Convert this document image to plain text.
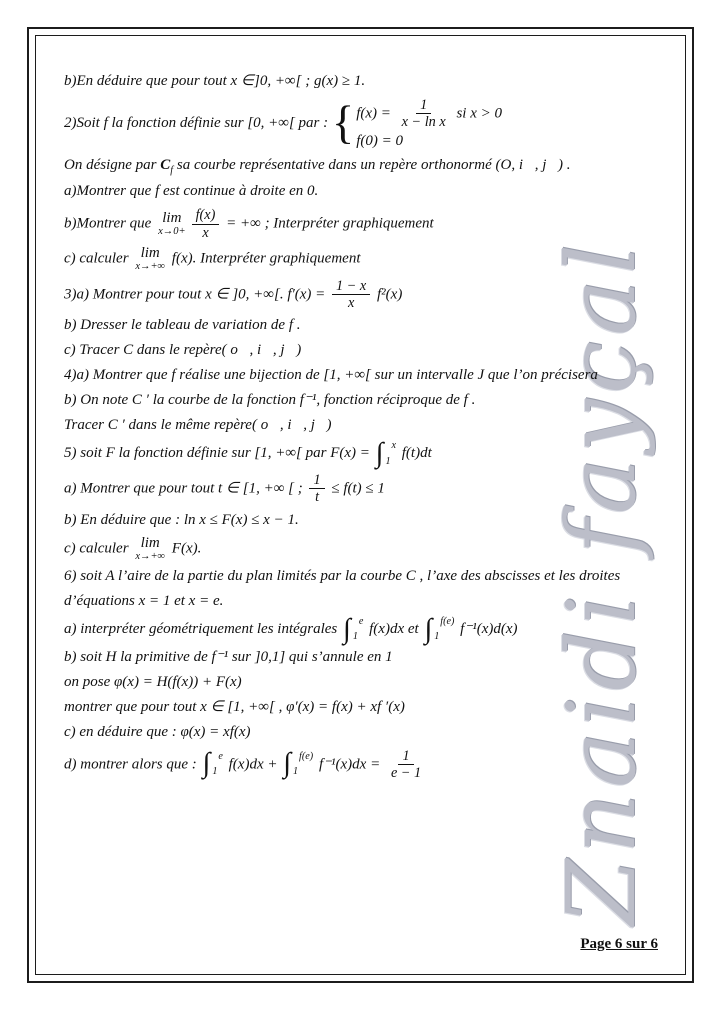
Znaidi fayçal
b)En déduire que pour tout x ∈]0, +∞[ ; g(x) ≥ 1.
2)Soit f la fonction définie sur [0, +∞[ par : { $f(x) = \frac{1}{\text{x − ln x}}$ si x > 0
f(0) = 0
On désigne par $C_f$ sa courbe représentative dans un repère orthonormé (O, i⃗, j⃗) .
a)Montrer que f est continue à droite en 0.
b)Montrer que lim
$x\to 0+ \frac{f(x)}{x}$ = +∞ ; Interpréter graphiquement
c) calculer lim
x→+∞ f(x). Interpréter graphiquement
3)a) Montrer pour tout x ∈ ]0, +∞[. $f'(x) = \frac{1 - x}{x} f^2(x)$
b) Dresser le tableau de variation de f .
c) Tracer C dans le repère( o⃗, i⃗, j⃗)
4)a) Montrer que f réalise une bijection de [1, +∞[ sur un intervalle J que l’on précisera
b) On note C ′ la courbe de la fonction f⁻¹, fonction réciproque de f .
Tracer C ′ dans le même repère( o⃗, i⃗, j⃗)
5) soit F la fonction définie sur [1, +∞[ par F(x) = ∫ x
1 f(t)dt
a) Montrer que pour tout t ∈ [1, +∞ [ ; $\frac{1}{t} \le f(t) \le 1$
b) En déduire que : ln x ≤ F(x) ≤ x − 1.
c) calculer lim
x→+∞ F(x).
6) soit A l’aire de la partie du plan limités par la courbe C , l’axe des abscisses et les droites
d’équations x = 1 et x = e.
a) interpréter géométriquement les intégrales ∫ e
1 f(x)dx et ∫ f(e)
1	f⁻¹(x)d(x)
b) soit H la primitive de f⁻¹ sur ]0,1] qui s’annule en 1
on pose φ(x) = H(f(x)) + F(x)
montrer que pour tout x ∈ [1, +∞[ , φ′(x) = f(x) + xf ′(x)
c) en déduire que : φ(x) = xf(x)
d) montrer alors que : ∫ e
1 f(x)dx + ∫ f(e)
1	$f^{-1}(x)dx = \frac{1}{e - 1}$
Page 6 sur 6
